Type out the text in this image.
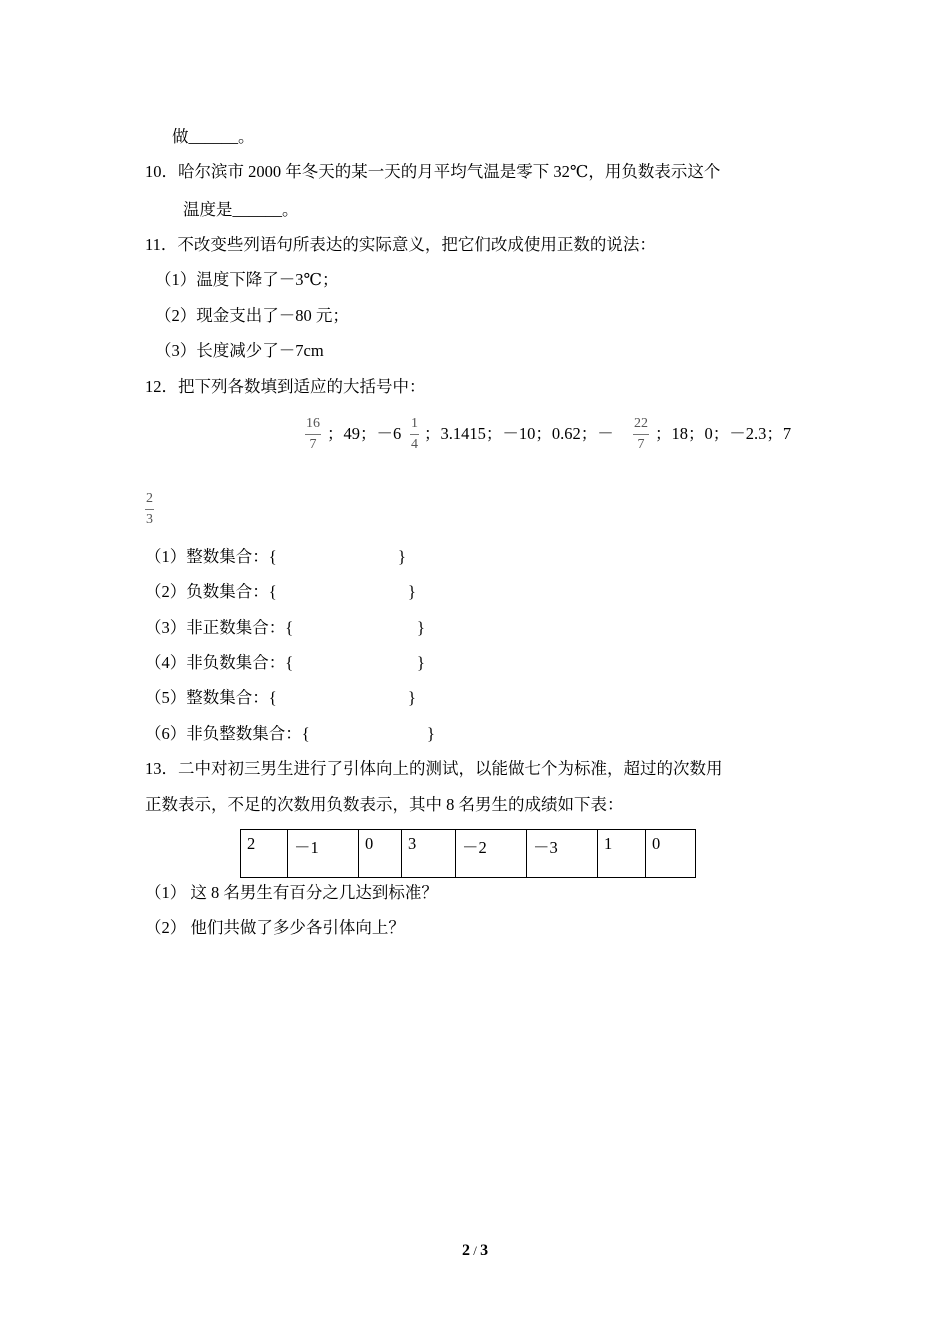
做______。
10．哈尔滨市 2000 年冬天的某一天的月平均气温是零下 32℃，用负数表示这个
温度是______。
11．不改变些列语句所表达的实际意义，把它们改成使用正数的说法：
（1）温度下降了－3℃；
（2）现金支出了－80 元；
（3）长度减少了－7cm
12．把下列各数填到适应的大括号中：
$\frac{16}{7}$ ；49；$-6 \frac{1}{4}$ ；3.1415；－10；0.62；－ $\frac{22}{7}$ ；18；0；－2.3；7
$\frac{2}{3}$
（1）整数集合：{	}
（2）负数集合：{	}
（3）非正数集合：{	}
（4）非负数集合：{	}
（5）整数集合：{	}
（6）非负整数集合：{	}
13．二中对初三男生进行了引体向上的测试，以能做七个为标准，超过的次数用
正数表示，不足的次数用负数表示，其中 8 名男生的成绩如下表：
2	－1	0	3	－2	－3	1	0
（1） 这 8 名男生有百分之几达到标准？
（2） 他们共做了多少各引体向上？
2 / 3
